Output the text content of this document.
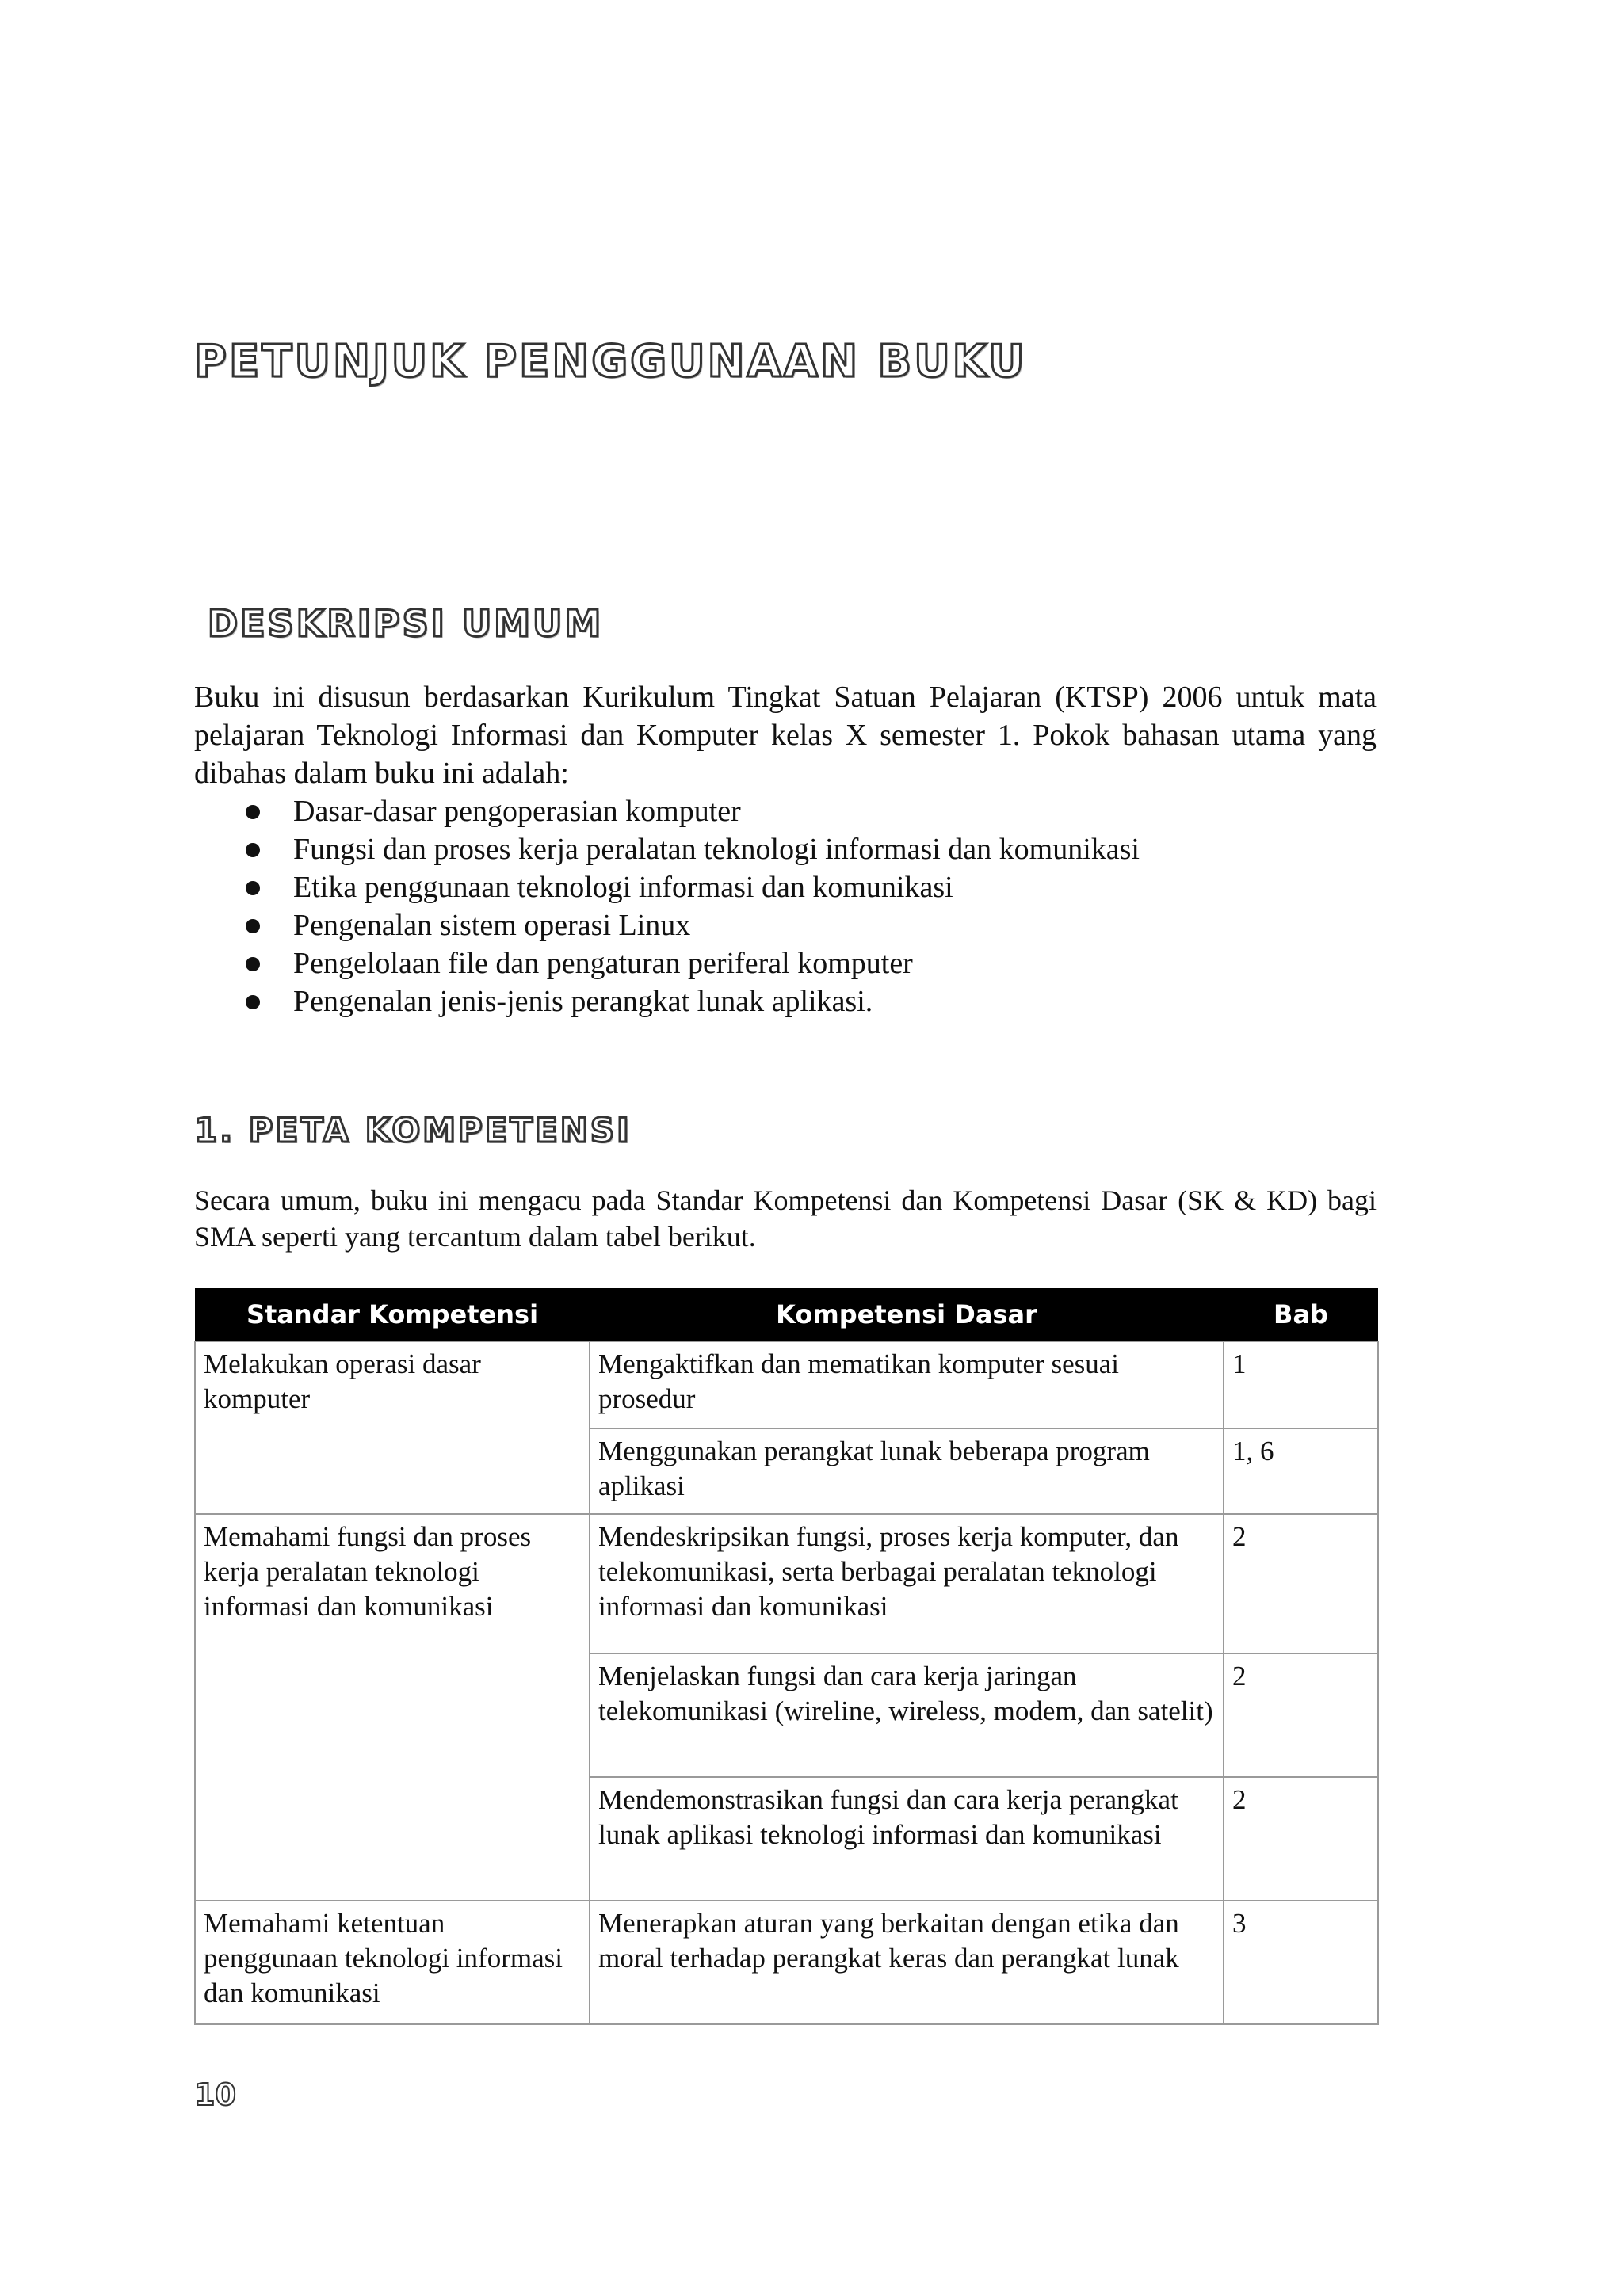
PETUNJUK PENGGUNAAN BUKU
DESKRIPSI UMUM

Buku ini disusun berdasarkan Kurikulum Tingkat Satuan Pelajaran (KTSP) 2006 untuk mata pelajaran Teknologi Informasi dan Komputer kelas X semester 1. Pokok bahasan utama yang dibahas dalam buku ini adalah:

Dasar-dasar pengoperasian komputer
Fungsi dan proses kerja peralatan teknologi informasi dan komunikasi
Etika penggunaan teknologi informasi dan komunikasi
Pengenalan sistem operasi Linux
Pengelolaan file dan pengaturan periferal komputer
Pengenalan jenis-jenis perangkat lunak aplikasi.
1. PETA KOMPETENSI

Secara umum, buku ini mengacu pada Standar Kompetensi dan Kompetensi Dasar (SK & KD) bagi SMA seperti yang tercantum dalam tabel berikut.

Standar Kompetensi	Kompetensi Dasar	Bab
Melakukan operasi dasar komputer	Mengaktifkan dan mematikan komputer sesuai prosedur	1
	Menggunakan perangkat lunak beberapa program aplikasi	1, 6
Memahami fungsi dan proses kerja peralatan teknologi informasi dan komunikasi	Mendeskripsikan fungsi, proses kerja komputer, dan telekomunikasi, serta berbagai peralatan teknologi informasi dan komunikasi	2
	Menjelaskan fungsi dan cara kerja jaringan telekomunikasi (wireline, wireless, modem, dan satelit)	2
	Mendemonstrasikan fungsi dan cara kerja perangkat lunak aplikasi teknologi informasi dan komunikasi	2
Memahami ketentuan penggunaan teknologi informasi dan komunikasi	Menerapkan aturan yang berkaitan dengan etika dan moral terhadap perangkat keras dan perangkat lunak	3

10
